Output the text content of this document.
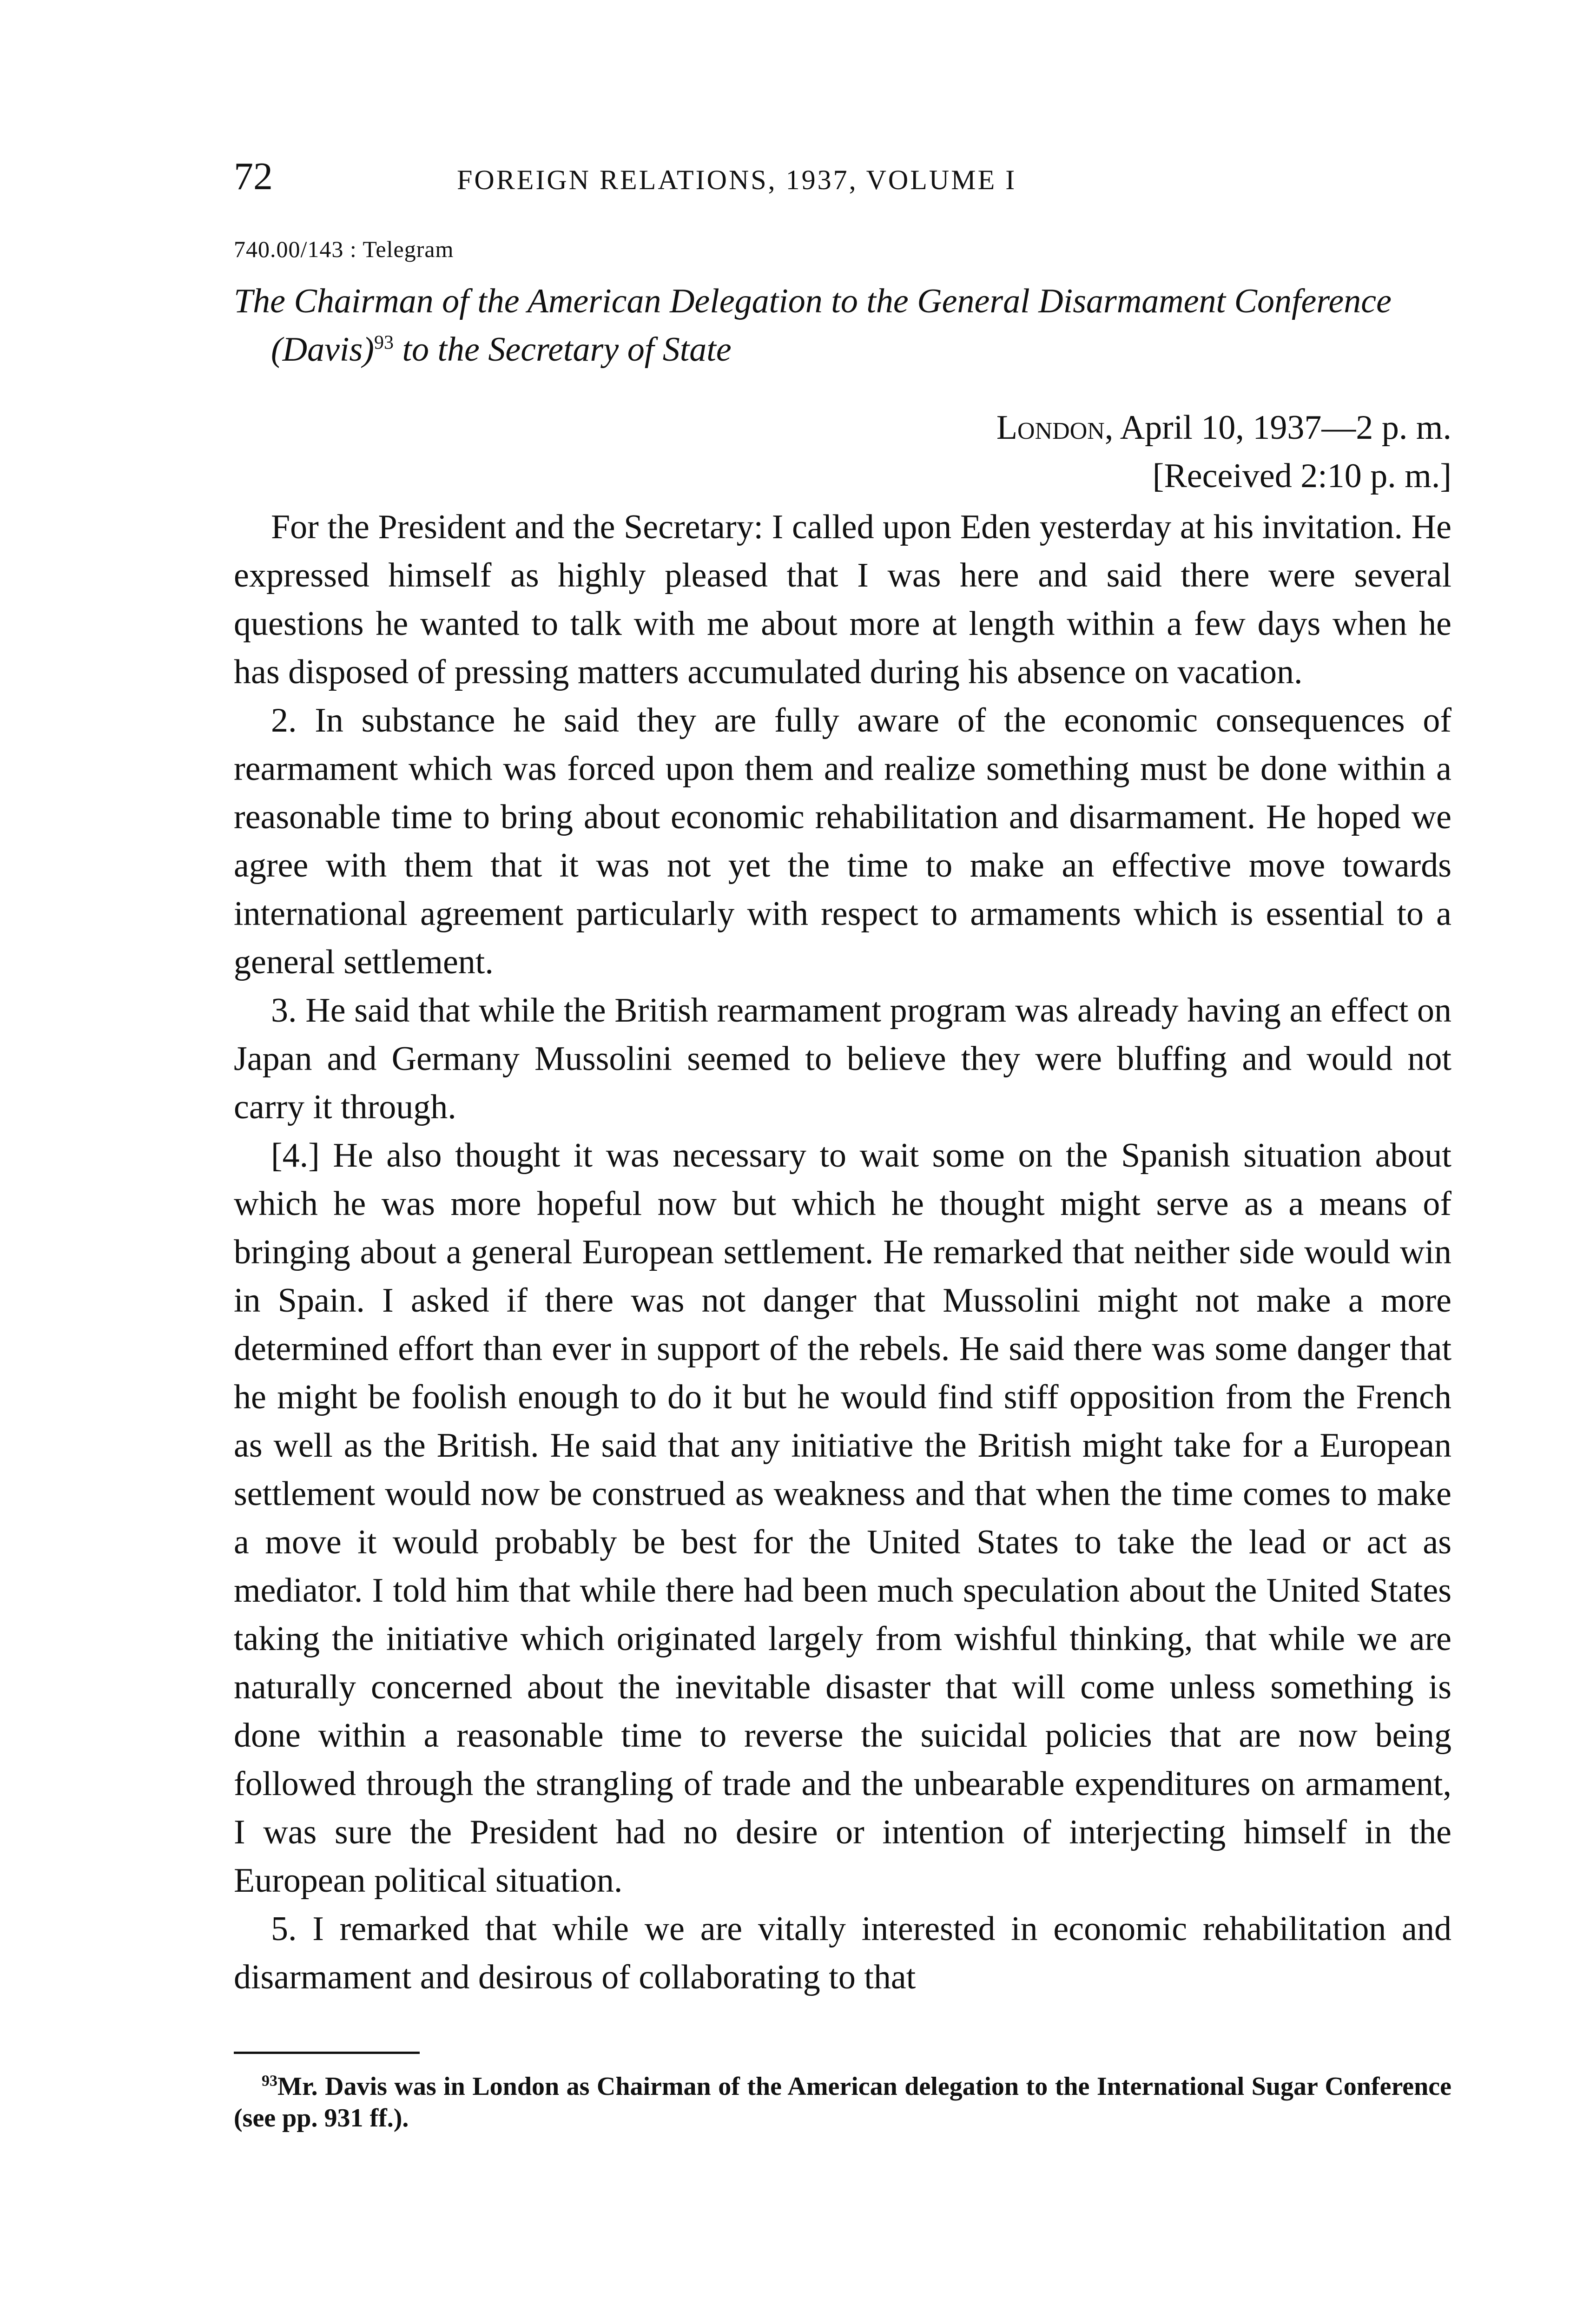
72	FOREIGN RELATIONS, 1937, VOLUME I
740.00/143 : Telegram
The Chairman of the American Delegation to the General Disarmament Conference (Davis)$^{93}$ to the Secretary of State
London, April 10, 1937—2 p. m.
[Received 2:10 p. m.]

For the President and the Secretary: I called upon Eden yesterday at his invitation. He expressed himself as highly pleased that I was here and said there were several questions he wanted to talk with me about more at length within a few days when he has disposed of pressing matters accumulated during his absence on vacation.

2. In substance he said they are fully aware of the economic consequences of rearmament which was forced upon them and realize something must be done within a reasonable time to bring about economic rehabilitation and disarmament. He hoped we agree with them that it was not yet the time to make an effective move towards international agreement particularly with respect to armaments which is essential to a general settlement.

3. He said that while the British rearmament program was already having an effect on Japan and Germany Mussolini seemed to believe they were bluffing and would not carry it through.

[4.] He also thought it was necessary to wait some on the Spanish situation about which he was more hopeful now but which he thought might serve as a means of bringing about a general European settlement. He remarked that neither side would win in Spain. I asked if there was not danger that Mussolini might not make a more determined effort than ever in support of the rebels. He said there was some danger that he might be foolish enough to do it but he would find stiff opposition from the French as well as the British. He said that any initiative the British might take for a European settlement would now be construed as weakness and that when the time comes to make a move it would probably be best for the United States to take the lead or act as mediator. I told him that while there had been much speculation about the United States taking the initiative which originated largely from wishful thinking, that while we are naturally concerned about the inevitable disaster that will come unless something is done within a reasonable time to reverse the suicidal policies that are now being followed through the strangling of trade and the unbearable expenditures on armament, I was sure the President had no desire or intention of interjecting himself in the European political situation.

5. I remarked that while we are vitally interested in economic rehabilitation and disarmament and desirous of collaborating to that

$^{93}$Mr. Davis was in London as Chairman of the American delegation to the International Sugar Conference (see pp. 931 ff.).
